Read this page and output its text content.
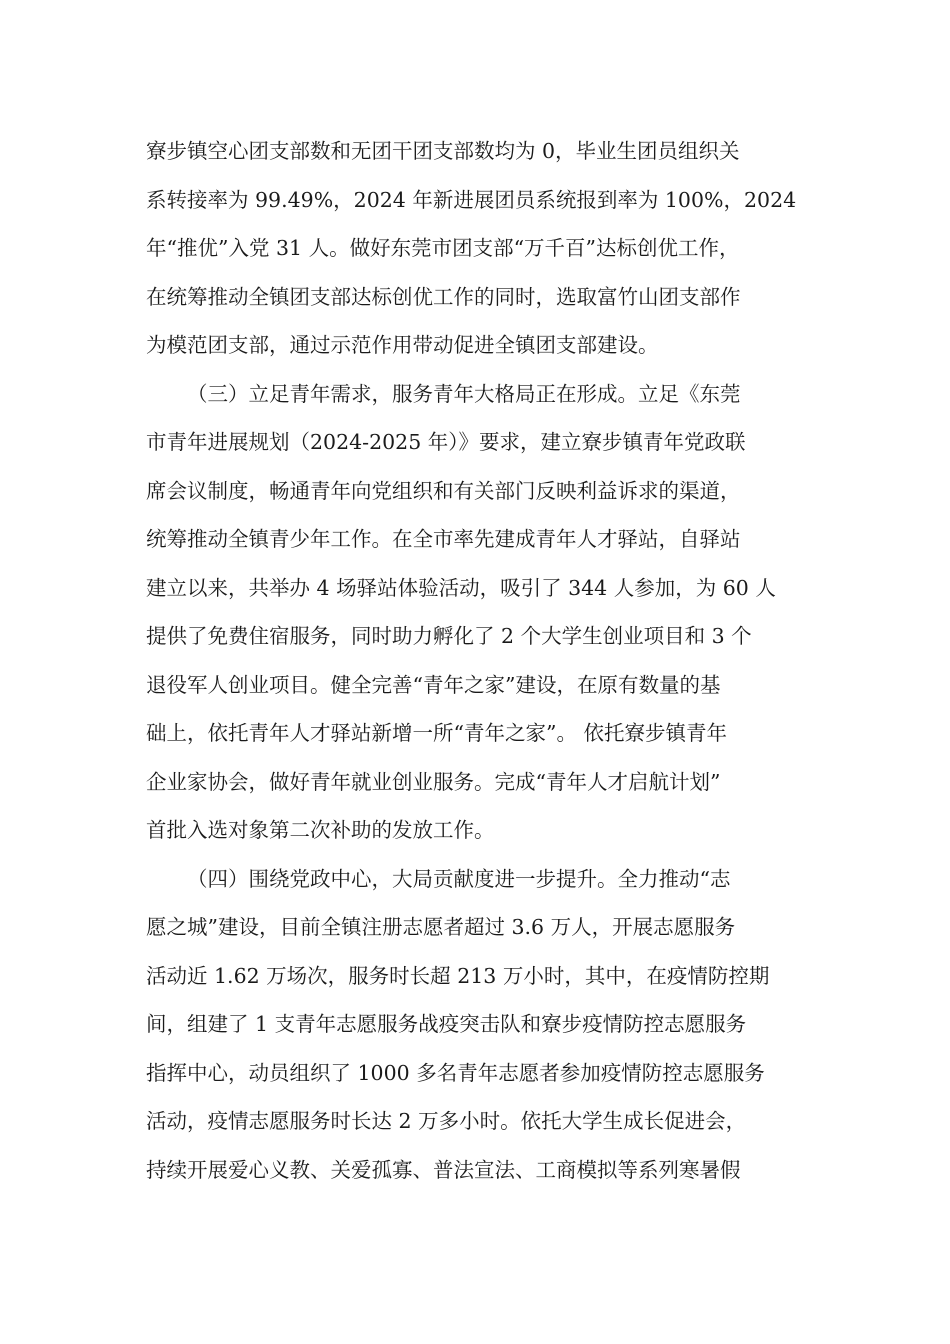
寮步镇空心团支部数和无团干团支部数均为 0，毕业生团员组织关
系转接率为 99.49%，2024 年新进展团员系统报到率为 100%，2024
年“推优”入党 31 人。做好东莞市团支部“万千百”达标创优工作，
在统筹推动全镇团支部达标创优工作的同时，选取富竹山团支部作
为模范团支部，通过示范作用带动促进全镇团支部建设。

（三）立足青年需求，服务青年大格局正在形成。立足《东莞
市青年进展规划（2024-2025 年）》要求，建立寮步镇青年党政联
席会议制度，畅通青年向党组织和有关部门反映利益诉求的渠道，
统筹推动全镇青少年工作。在全市率先建成青年人才驿站，自驿站
建立以来，共举办 4 场驿站体验活动，吸引了 344 人参加，为 60 人
提供了免费住宿服务，同时助力孵化了 2 个大学生创业项目和 3 个
退役军人创业项目。健全完善“青年之家”建设，在原有数量的基
础上，依托青年人才驿站新增一所“青年之家”。 依托寮步镇青年
企业家协会，做好青年就业创业服务。完成“青年人才启航计划”
首批入选对象第二次补助的发放工作。

（四）围绕党政中心，大局贡献度进一步提升。全力推动“志
愿之城”建设，目前全镇注册志愿者超过 3.6 万人，开展志愿服务
活动近 1.62 万场次，服务时长超 213 万小时，其中，在疫情防控期
间，组建了 1 支青年志愿服务战疫突击队和寮步疫情防控志愿服务
指挥中心，动员组织了 1000 多名青年志愿者参加疫情防控志愿服务
活动，疫情志愿服务时长达 2 万多小时。依托大学生成长促进会，
持续开展爱心义教、关爱孤寡、普法宣法、工商模拟等系列寒暑假
